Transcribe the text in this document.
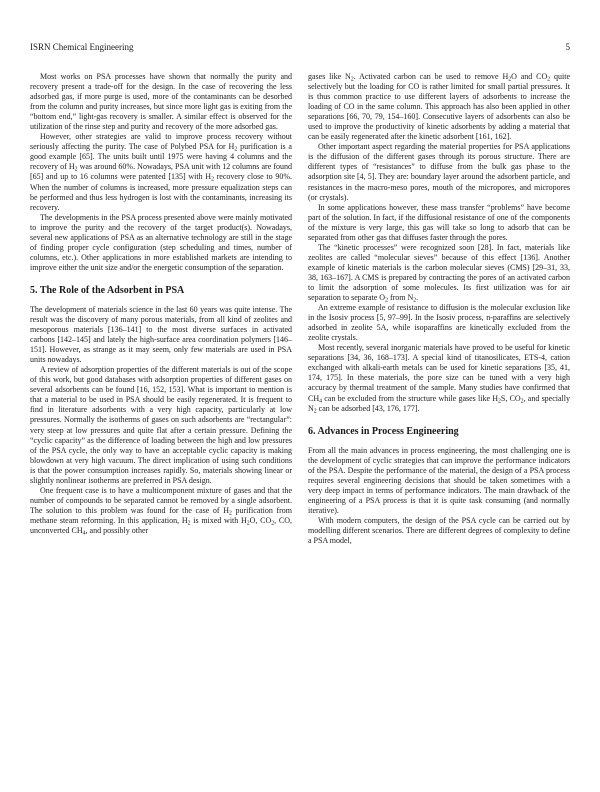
ISRN Chemical Engineering	5

Most works on PSA processes have shown that normally the purity and recovery present a trade-off for the design. In the case of recovering the less adsorbed gas, if more purge is used, more of the contaminants can be desorbed from the column and purity increases, but since more light gas is exiting from the “bottom end,” light-gas recovery is smaller. A similar effect is observed for the utilization of the rinse step and purity and recovery of the more adsorbed gas.

However, other strategies are valid to improve process recovery without seriously affecting the purity. The case of Polybed PSA for $H_2$ purification is a good example [65]. The units built until 1975 were having 4 columns and the recovery of $H_2$ was around 60%. Nowadays, PSA unit with 12 columns are found [65] and up to 16 columns were patented [135] with $H_2$ recovery close to 90%. When the number of columns is increased, more pressure equalization steps can be performed and thus less hydrogen is lost with the contaminants, increasing its recovery.

The developments in the PSA process presented above were mainly motivated to improve the purity and the recovery of the target product(s). Nowadays, several new applications of PSA as an alternative technology are still in the stage of finding proper cycle configuration (step scheduling and times, number of columns, etc.). Other applications in more established markets are intending to improve either the unit size and/or the energetic consumption of the separation.

5. The Role of the Adsorbent in PSA

The development of materials science in the last 60 years was quite intense. The result was the discovery of many porous materials, from all kind of zeolites and mesoporous materials [136–141] to the most diverse surfaces in activated carbons [142–145] and lately the high-surface area coordination polymers [146–151]. However, as strange as it may seem, only few materials are used in PSA units nowadays.

A review of adsorption properties of the different materials is out of the scope of this work, but good databases with adsorption properties of different gases on several adsorbents can be found [16, 152, 153]. What is important to mention is that a material to be used in PSA should be easily regenerated. It is frequent to find in literature adsorbents with a very high capacity, particularly at low pressures. Normally the isotherms of gases on such adsorbents are “rectangular”: very steep at low pressures and quite flat after a certain pressure. Defining the “cyclic capacity” as the difference of loading between the high and low pressures of the PSA cycle, the only way to have an acceptable cyclic capacity is making blowdown at very high vacuum. The direct implication of using such conditions is that the power consumption increases rapidly. So, materials showing linear or slightly nonlinear isotherms are preferred in PSA design.

One frequent case is to have a multicomponent mixture of gases and that the number of compounds to be separated cannot be removed by a single adsorbent. The solution to this problem was found for the case of $H_2$ purification from methane steam reforming. In this application, $H_2$ is mixed with $H_2O$, $CO_2$, CO, unconverted $CH_4$, and possibly other

gases like $N_2$. Activated carbon can be used to remove $H_2O$ and $CO_2$ quite selectively but the loading for CO is rather limited for small partial pressures. It is thus common practice to use different layers of adsorbents to increase the loading of CO in the same column. This approach has also been applied in other separations [66, 70, 79, 154–160]. Consecutive layers of adsorbents can also be used to improve the productivity of kinetic adsorbents by adding a material that can be easily regenerated after the kinetic adsorbent [161, 162].

Other important aspect regarding the material properties for PSA applications is the diffusion of the different gases through its porous structure. There are different types of “resistances” to diffuse from the bulk gas phase to the adsorption site [4, 5]. They are: boundary layer around the adsorbent particle, and resistances in the macro-meso pores, mouth of the micropores, and micropores (or crystals).

In some applications however, these mass transfer “problems” have become part of the solution. In fact, if the diffusional resistance of one of the components of the mixture is very large, this gas will take so long to adsorb that can be separated from other gas that diffuses faster through the pores.

The “kinetic processes” were recognized soon [28]. In fact, materials like zeolites are called “molecular sieves” because of this effect [136]. Another example of kinetic materials is the carbon molecular sieves (CMS) [29–31, 33, 38, 163–167]. A CMS is prepared by contracting the pores of an activated carbon to limit the adsorption of some molecules. Its first utilization was for air separation to separate $O_2$ from $N_2$.

An extreme example of resistance to diffusion is the molecular exclusion like in the Isosiv process [5, 97–99]. In the Isosiv process, n-paraffins are selectively adsorbed in zeolite 5A, while isoparaffins are kinetically excluded from the zeolite crystals.

Most recently, several inorganic materials have proved to be useful for kinetic separations [34, 36, 168–173]. A special kind of titanosilicates, ETS-4, cation exchanged with alkali-earth metals can be used for kinetic separations [35, 41, 174, 175]. In these materials, the pore size can be tuned with a very high accuracy by thermal treatment of the sample. Many studies have confirmed that $CH_4$ can be excluded from the structure while gases like $H_2S$, $CO_2$, and specially $N_2$ can be adsorbed [43, 176, 177].

6. Advances in Process Engineering

From all the main advances in process engineering, the most challenging one is the development of cyclic strategies that can improve the performance indicators of the PSA. Despite the performance of the material, the design of a PSA process requires several engineering decisions that should be taken sometimes with a very deep impact in terms of performance indicators. The main drawback of the engineering of a PSA process is that it is quite task consuming (and normally iterative).

With modern computers, the design of the PSA cycle can be carried out by modelling different scenarios. There are different degrees of complexity to define a PSA model,
